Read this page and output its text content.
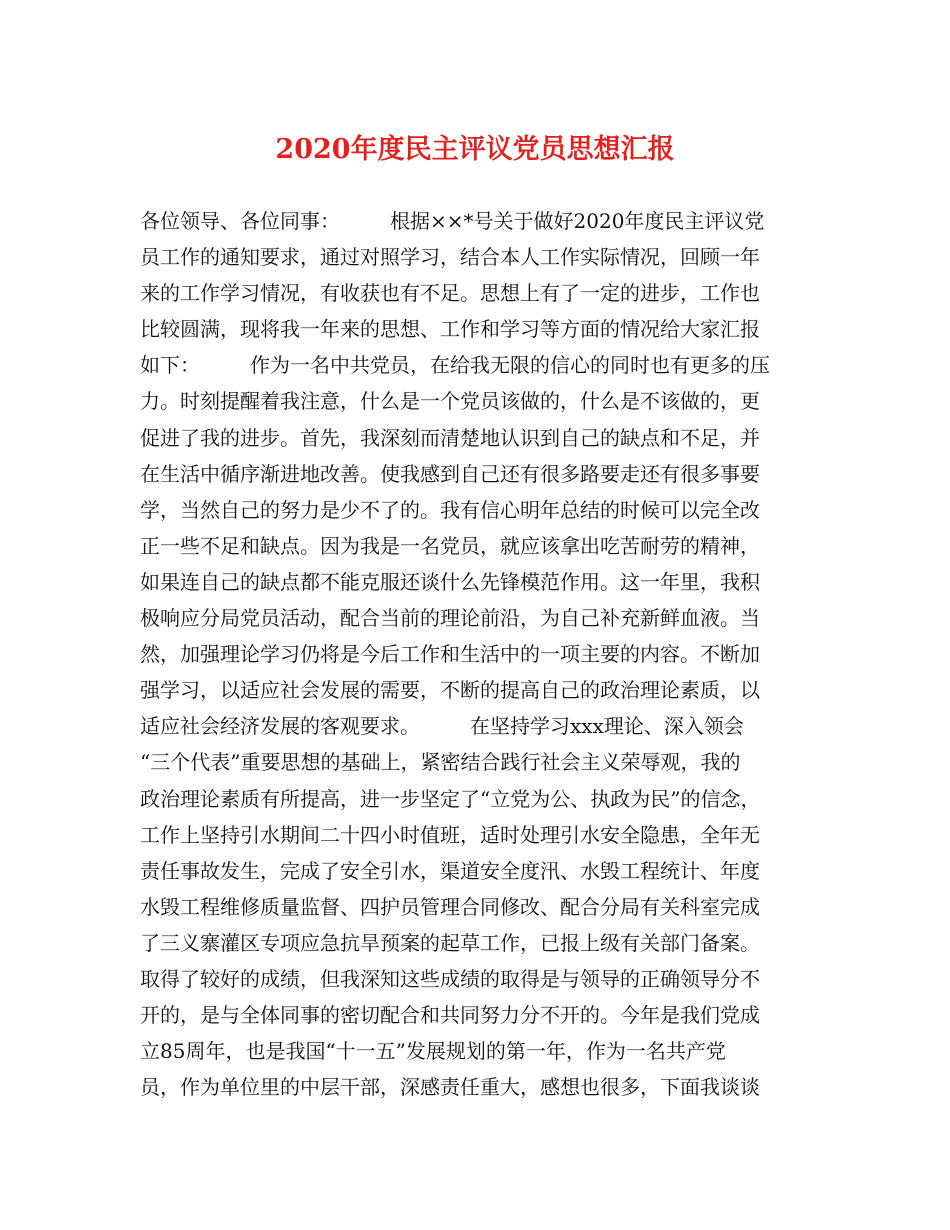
2020年度民主评议党员思想汇报
各位领导、各位同事：　　　根据××*号关于做好2020年度民主评议党
员工作的通知要求，通过对照学习，结合本人工作实际情况，回顾一年
来的工作学习情况，有收获也有不足。思想上有了一定的进步，工作也
比较圆满，现将我一年来的思想、工作和学习等方面的情况给大家汇报
如下：　　　作为一名中共党员，在给我无限的信心的同时也有更多的压
力。时刻提醒着我注意，什么是一个党员该做的，什么是不该做的，更
促进了我的进步。首先，我深刻而清楚地认识到自己的缺点和不足，并
在生活中循序渐进地改善。使我感到自己还有很多路要走还有很多事要
学，当然自己的努力是少不了的。我有信心明年总结的时候可以完全改
正一些不足和缺点。因为我是一名党员，就应该拿出吃苦耐劳的精神，
如果连自己的缺点都不能克服还谈什么先锋模范作用。这一年里，我积
极响应分局党员活动，配合当前的理论前沿，为自己补充新鲜血液。当
然，加强理论学习仍将是今后工作和生活中的一项主要的内容。不断加
强学习，以适应社会发展的需要，不断的提高自己的政治理论素质，以
适应社会经济发展的客观要求。　　　在坚持学习xxx理论、深入领会
“三个代表”重要思想的基础上，紧密结合践行社会主义荣辱观，我的
政治理论素质有所提高，进一步坚定了“立党为公、执政为民”的信念，
工作上坚持引水期间二十四小时值班，适时处理引水安全隐患，全年无
责任事故发生，完成了安全引水，渠道安全度汛、水毁工程统计、年度
水毁工程维修质量监督、四护员管理合同修改、配合分局有关科室完成
了三义寨灌区专项应急抗旱预案的起草工作，已报上级有关部门备案。
取得了较好的成绩，但我深知这些成绩的取得是与领导的正确领导分不
开的，是与全体同事的密切配合和共同努力分不开的。今年是我们党成
立85周年，也是我国“十一五”发展规划的第一年，作为一名共产党
员，作为单位里的中层干部，深感责任重大，感想也很多，下面我谈谈
